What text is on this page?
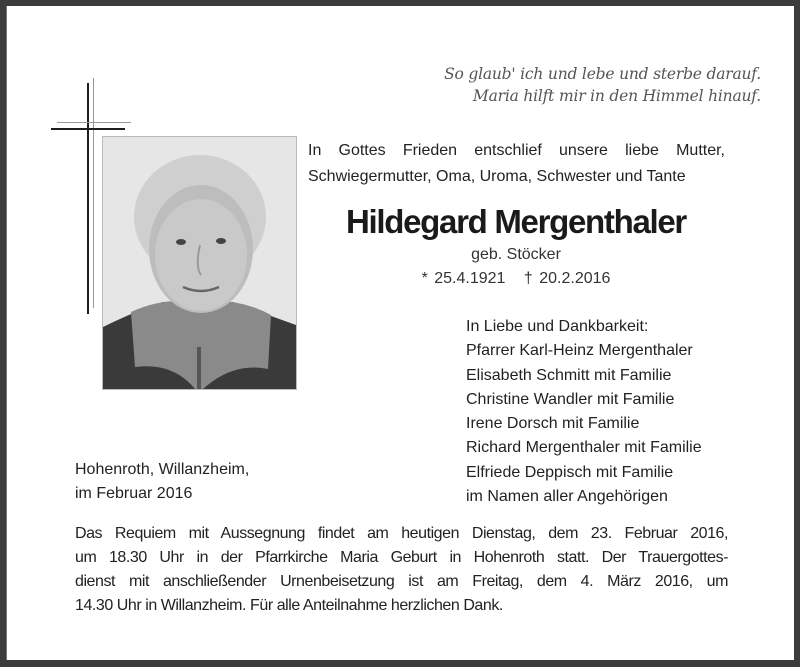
So glaub' ich und lebe und sterbe darauf.
Maria hilft mir in den Himmel hinauf.
In Gottes Frieden entschlief unsere liebe Mutter,
Schwiegermutter, Oma, Uroma, Schwester und Tante
Hildegard Mergenthaler
geb. Stöcker
* 25.4.1921 † 20.2.2016
In Liebe und Dankbarkeit:
Pfarrer Karl-Heinz Mergenthaler
Elisabeth Schmitt mit Familie
Christine Wandler mit Familie
Irene Dorsch mit Familie
Richard Mergenthaler mit Familie
Elfriede Deppisch mit Familie
im Namen aller Angehörigen
Hohenroth, Willanzheim,
im Februar 2016
Das Requiem mit Aussegnung findet am heutigen Dienstag, dem 23. Februar 2016,
um 18.30 Uhr in der Pfarrkirche Maria Geburt in Hohenroth statt. Der Trauergottes-
dienst mit anschließender Urnenbeisetzung ist am Freitag, dem 4. März 2016, um
14.30 Uhr in Willanzheim. Für alle Anteilnahme herzlichen Dank.
